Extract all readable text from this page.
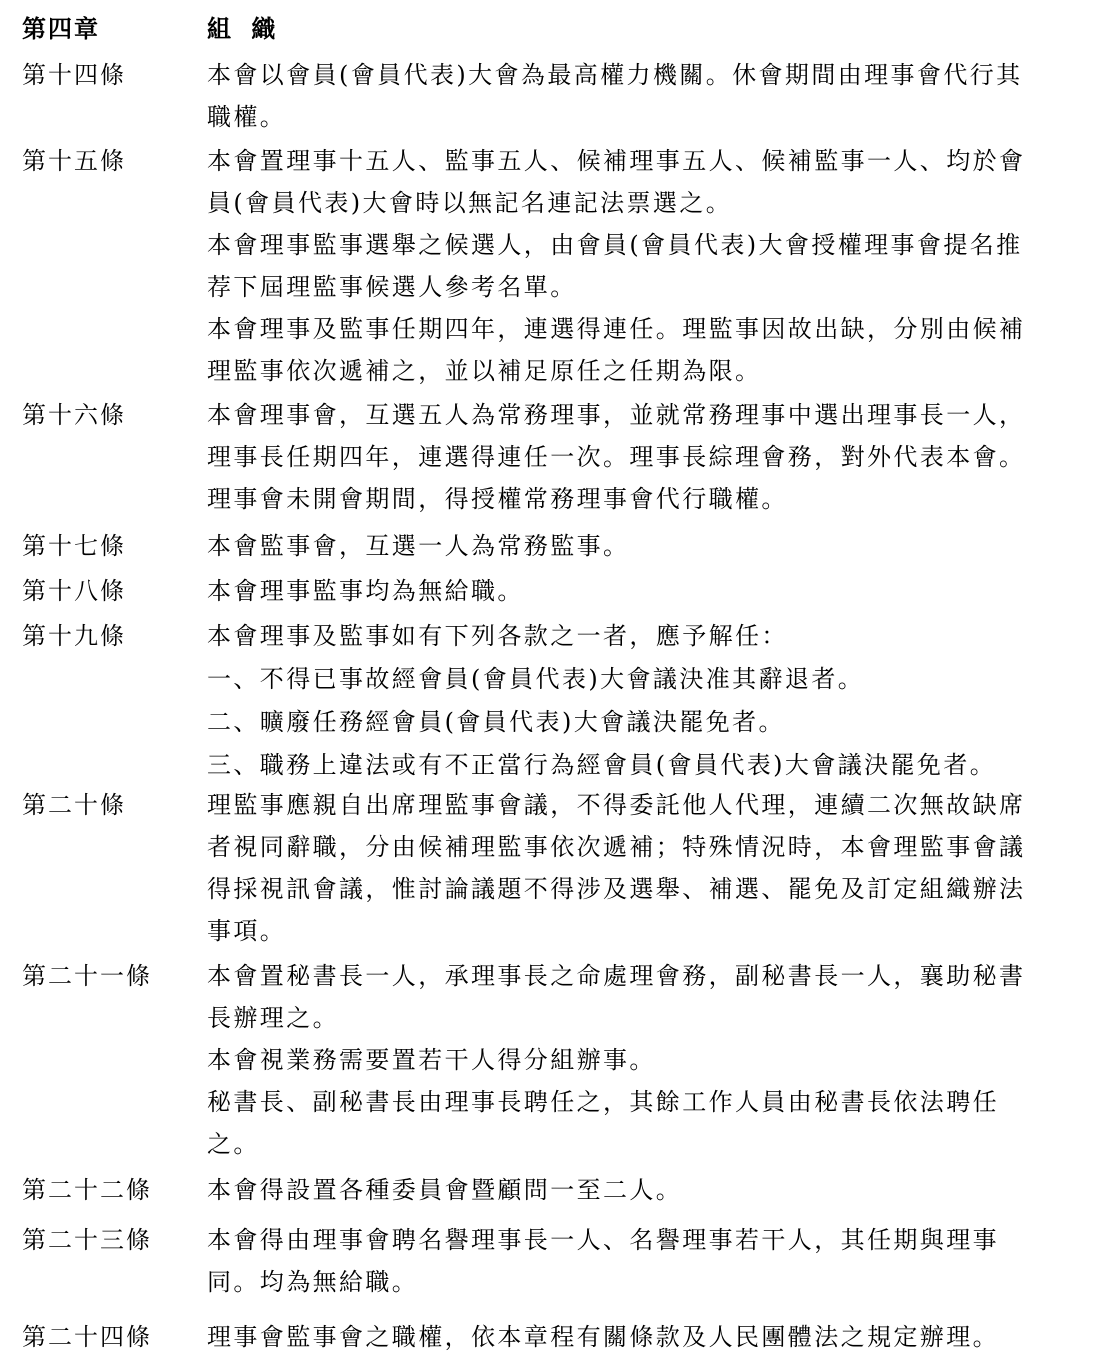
第四章	組 織
第十四條	本會以會員(會員代表)大會為最高權力機關。休會期間由理事會代行其
職權。
第十五條	本會置理事十五人、監事五人、候補理事五人、候補監事一人、均於會
員(會員代表)大會時以無記名連記法票選之。
本會理事監事選舉之候選人，由會員(會員代表)大會授權理事會提名推
荐下屆理監事候選人參考名單。
本會理事及監事任期四年，連選得連任。理監事因故出缺，分別由候補
理監事依次遞補之，並以補足原任之任期為限。
第十六條	本會理事會，互選五人為常務理事，並就常務理事中選出理事長一人，
理事長任期四年，連選得連任一次。理事長綜理會務，對外代表本會。
理事會未開會期間，得授權常務理事會代行職權。
第十七條	本會監事會，互選一人為常務監事。
第十八條	本會理事監事均為無給職。
第十九條	本會理事及監事如有下列各款之一者，應予解任：
一、不得已事故經會員(會員代表)大會議決准其辭退者。
二、曠廢任務經會員(會員代表)大會議決罷免者。
三、職務上違法或有不正當行為經會員(會員代表)大會議決罷免者。
第二十條	理監事應親自出席理監事會議，不得委託他人代理，連續二次無故缺席
者視同辭職，分由候補理監事依次遞補；特殊情況時，本會理監事會議
得採視訊會議，惟討論議題不得涉及選舉、補選、罷免及訂定組織辦法
事項。
第二十一條 本會置秘書長一人，承理事長之命處理會務，副秘書長一人，襄助秘書
長辦理之。
本會視業務需要置若干人得分組辦事。
秘書長、副秘書長由理事長聘任之，其餘工作人員由秘書長依法聘任
之。
第二十二條 本會得設置各種委員會暨顧問一至二人。
第二十三條 本會得由理事會聘名譽理事長一人、名譽理事若干人，其任期與理事
同。均為無給職。
第二十四條 理事會監事會之職權，依本章程有關條款及人民團體法之規定辦理。
